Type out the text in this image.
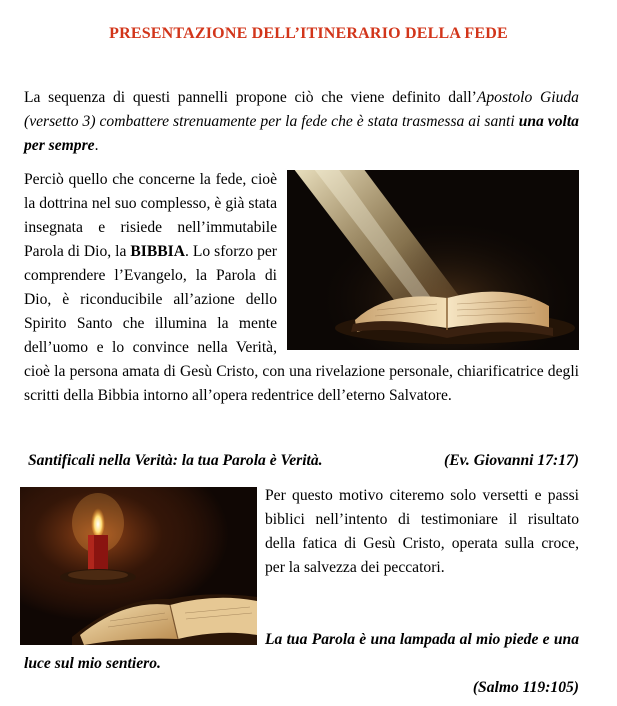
PRESENTAZIONE DELL’ITINERARIO DELLA FEDE
La sequenza di questi pannelli propone ciò che viene definito dall’Apostolo Giuda (versetto 3) combattere strenuamente per la fede che è stata trasmessa ai santi una volta per sempre.
Perciò quello che concerne la fede, cioè la dottrina nel suo complesso, è già stata insegnata e risiede nell’immutabile Parola di Dio, la BIBBIA. Lo sforzo per comprendere l’Evangelo, la Parola di Dio, è riconducibile all’azione dello Spirito Santo che illumina la mente dell’uomo e lo convince nella Verità, cioè la persona amata di Gesù Cristo, con una rivelazione personale, chiarificatrice degli scritti della Bibbia intorno all’opera redentrice dell’eterno Salvatore.
Santificali nella Verità: la tua Parola è Verità.	(Ev. Giovanni 17:17)
Per questo motivo citeremo solo versetti e passi biblici nell’intento di testimoniare il risultato della fatica di Gesù Cristo, operata sulla croce, per la salvezza dei peccatori.
La tua Parola è una lampada al mio piede e una luce sul mio sentiero.
(Salmo 119:105)
